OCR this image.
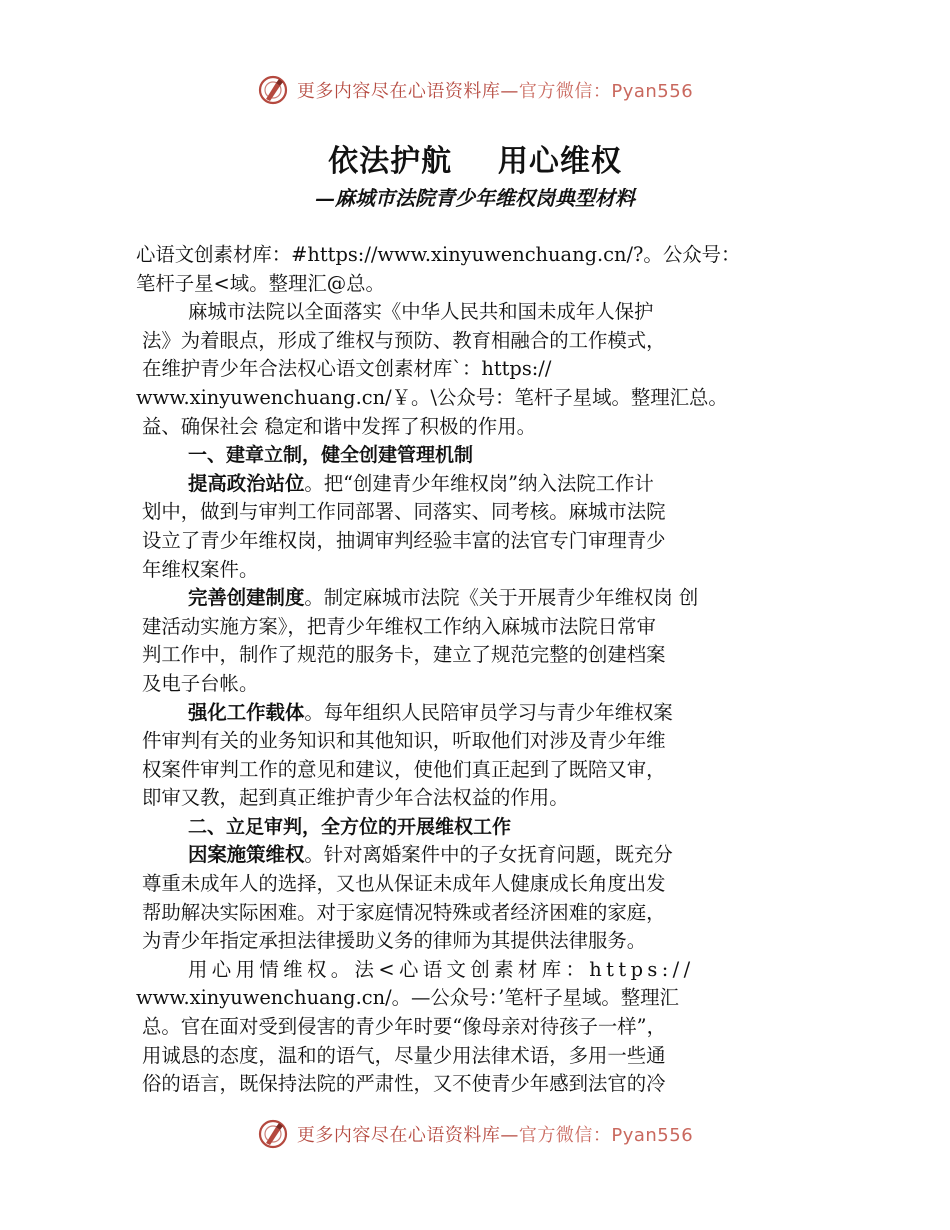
更多内容尽在心语资料库—官方微信：Pyan556
依法护航    用心维权
—麻城市法院青少年维权岗典型材料
心语文创素材库：#https://www.xinyuwenchuang.cn/?。公众号：
笔杆子星<域。整理汇@总。
麻城市法院以全面落实《中华人民共和国未成年人保护
法》为着眼点，形成了维权与预防、教育相融合的工作模式，
在维护青少年合法权心语文创素材库`：https://
www.xinyuwenchuang.cn/￥。\公众号：笔杆子星域。整理汇总。
益、确保社会 稳定和谐中发挥了积极的作用。
一、建章立制，健全创建管理机制
提高政治站位。把“创建青少年维权岗”纳入法院工作计
划中，做到与审判工作同部署、同落实、同考核。麻城市法院
设立了青少年维权岗，抽调审判经验丰富的法官专门审理青少
年维权案件。
完善创建制度。制定麻城市法院《关于开展青少年维权岗 创
建活动实施方案》，把青少年维权工作纳入麻城市法院日常审
判工作中，制作了规范的服务卡，建立了规范完整的创建档案
及电子台帐。
强化工作载体。每年组织人民陪审员学习与青少年维权案
件审判有关的业务知识和其他知识，听取他们对涉及青少年维
权案件审判工作的意见和建议，使他们真正起到了既陪又审，
即审又教，起到真正维护青少年合法权益的作用。
二、立足审判，全方位的开展维权工作
因案施策维权。针对离婚案件中的子女抚育问题，既充分
尊重未成年人的选择，又也从保证未成年人健康成长角度出发
帮助解决实际困难。对于家庭情况特殊或者经济困难的家庭，
为青少年指定承担法律援助义务的律师为其提供法律服务。
用心用情维权。法<心语文创素材库：https://
www.xinyuwenchuang.cn/。—公众号：’笔杆子星域。整理汇
总。官在面对受到侵害的青少年时要“像母亲对待孩子一样”，
用诚恳的态度，温和的语气，尽量少用法律术语，多用一些通
俗的语言，既保持法院的严肃性，又不使青少年感到法官的冷
更多内容尽在心语资料库—官方微信：Pyan556
